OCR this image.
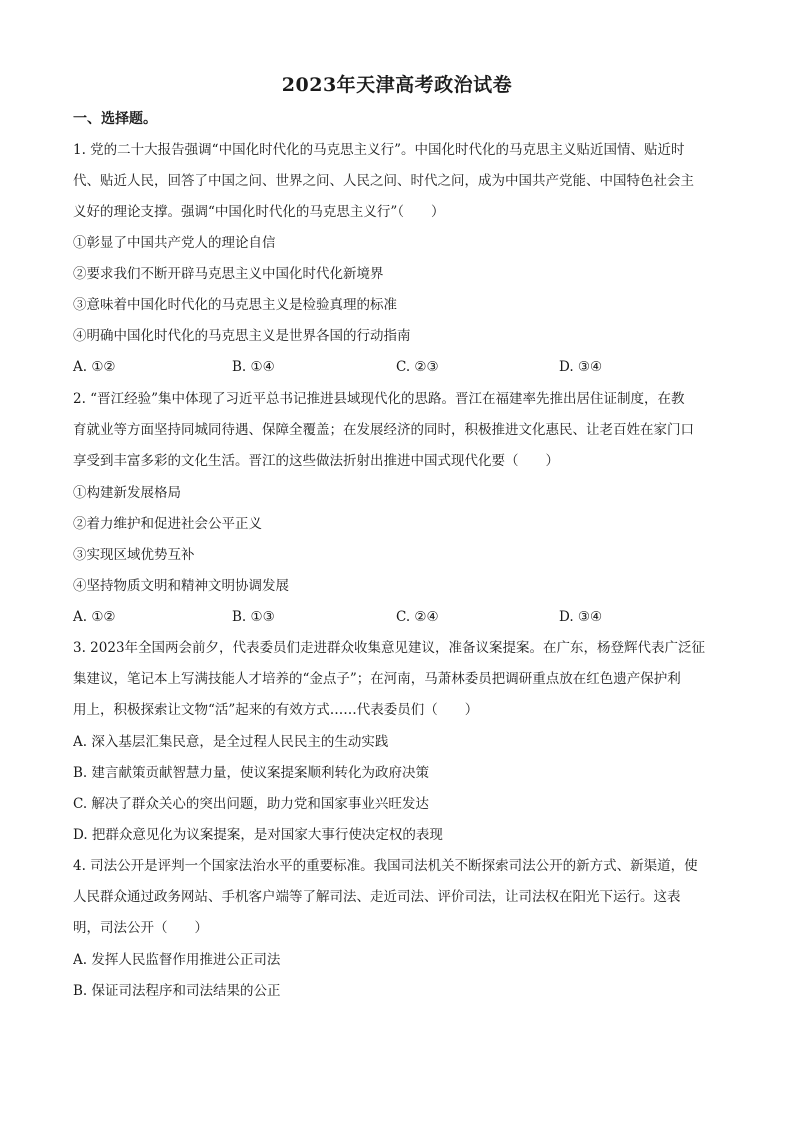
2023年天津高考政治试卷
一、选择题。
1. 党的二十大报告强调“中国化时代化的马克思主义行”。中国化时代化的马克思主义贴近国情、贴近时
代、贴近人民，回答了中国之问、世界之问、人民之问、时代之问，成为中国共产党能、中国特色社会主
义好的理论支撑。强调“中国化时代化的马克思主义行”（　　）
①彰显了中国共产党人的理论自信
②要求我们不断开辟马克思主义中国化时代化新境界
③意味着中国化时代化的马克思主义是检验真理的标准
④明确中国化时代化的马克思主义是世界各国的行动指南
A. ①②	B. ①④	C. ②③	D. ③④
2. “晋江经验”集中体现了习近平总书记推进县域现代化的思路。晋江在福建率先推出居住证制度，在教
育就业等方面坚持同城同待遇、保障全覆盖；在发展经济的同时，积极推进文化惠民、让老百姓在家门口
享受到丰富多彩的文化生活。晋江的这些做法折射出推进中国式现代化要（　　）
①构建新发展格局
②着力维护和促进社会公平正义
③实现区域优势互补
④坚持物质文明和精神文明协调发展
A. ①②	B. ①③	C. ②④	D. ③④
3. 2023年全国两会前夕，代表委员们走进群众收集意见建议，准备议案提案。在广东，杨登辉代表广泛征
集建议，笔记本上写满技能人才培养的“金点子”；在河南，马萧林委员把调研重点放在红色遗产保护利
用上，积极探索让文物“活”起来的有效方式……代表委员们（　　）
A. 深入基层汇集民意，是全过程人民民主的生动实践
B. 建言献策贡献智慧力量，使议案提案顺利转化为政府决策
C. 解决了群众关心的突出问题，助力党和国家事业兴旺发达
D. 把群众意见化为议案提案，是对国家大事行使决定权的表现
4. 司法公开是评判一个国家法治水平的重要标准。我国司法机关不断探索司法公开的新方式、新渠道，使
人民群众通过政务网站、手机客户端等了解司法、走近司法、评价司法，让司法权在阳光下运行。这表
明，司法公开（　　）
A. 发挥人民监督作用推进公正司法
B. 保证司法程序和司法结果的公正
